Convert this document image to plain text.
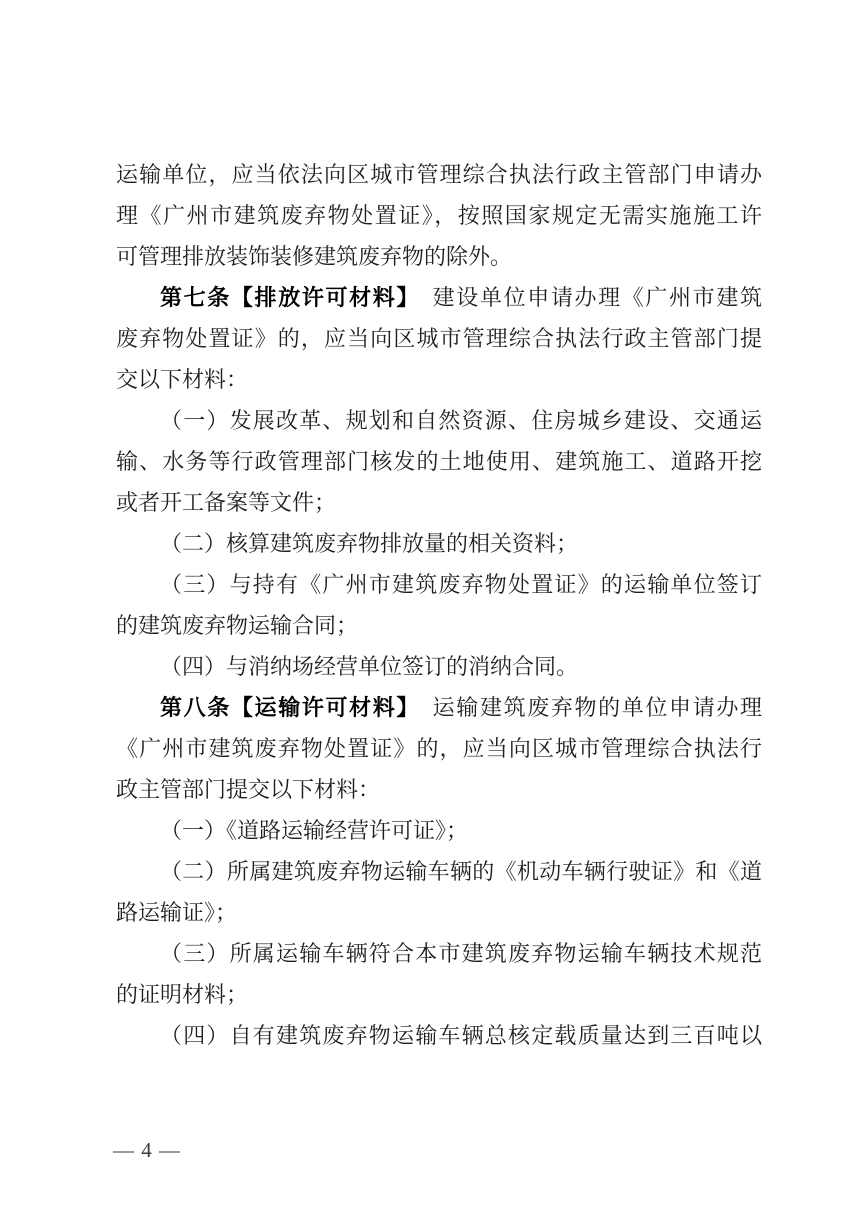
运输单位，应当依法向区城市管理综合执法行政主管部门申请办
理《广州市建筑废弃物处置证》，按照国家规定无需实施施工许
可管理排放装饰装修建筑废弃物的除外。
第七条【排放许可材料】　建设单位申请办理《广州市建筑
废弃物处置证》的，应当向区城市管理综合执法行政主管部门提
交以下材料：
（一）发展改革、规划和自然资源、住房城乡建设、交通运
输、水务等行政管理部门核发的土地使用、建筑施工、道路开挖
或者开工备案等文件；
（二）核算建筑废弃物排放量的相关资料；
（三）与持有《广州市建筑废弃物处置证》的运输单位签订
的建筑废弃物运输合同；
（四）与消纳场经营单位签订的消纳合同。
第八条【运输许可材料】　运输建筑废弃物的单位申请办理
《广州市建筑废弃物处置证》的，应当向区城市管理综合执法行
政主管部门提交以下材料：
（一）《道路运输经营许可证》；
（二）所属建筑废弃物运输车辆的《机动车辆行驶证》和《道
路运输证》；
（三）所属运输车辆符合本市建筑废弃物运输车辆技术规范
的证明材料；
（四）自有建筑废弃物运输车辆总核定载质量达到三百吨以
— 4 —
